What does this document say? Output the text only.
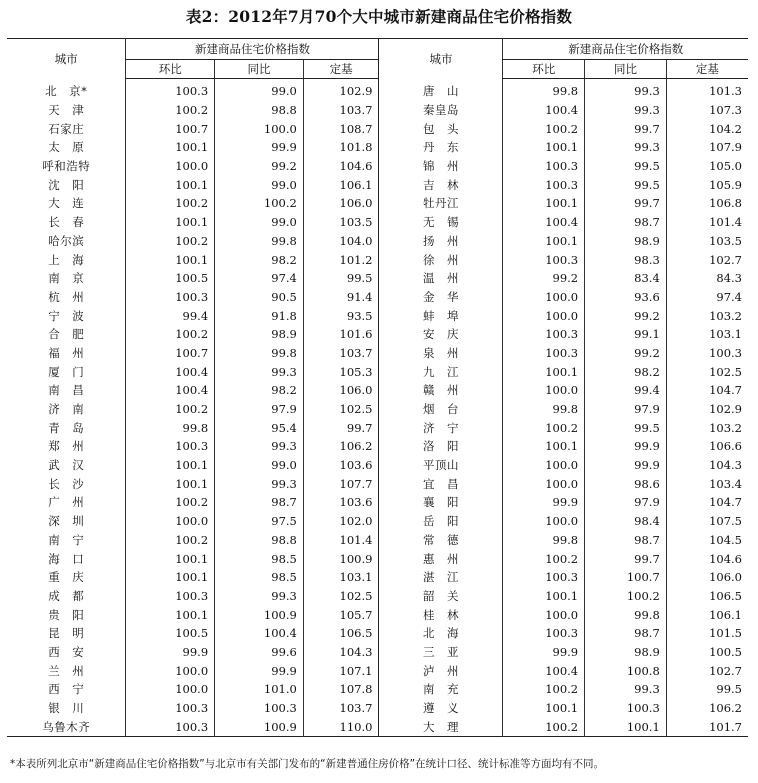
表2：2012年7月70个大中城市新建商品住宅价格指数
城市	新建商品住宅价格指数			城市	新建商品住宅价格指数		
	环比	同比	定基		环比	同比	定基
北　京*	100.3	99.0	102.9	唐　山	99.8	99.3	101.3
天　津	100.2	98.8	103.7	秦皇岛	100.4	99.3	107.3
石家庄	100.7	100.0	108.7	包　头	100.2	99.7	104.2
太　原	100.1	99.9	101.8	丹　东	100.1	99.3	107.9
呼和浩特	100.0	99.2	104.6	锦　州	100.3	99.5	105.0
沈　阳	100.1	99.0	106.1	吉　林	100.3	99.5	105.9
大　连	100.2	100.2	106.0	牡丹江	100.1	99.7	106.8
长　春	100.1	99.0	103.5	无　锡	100.4	98.7	101.4
哈尔滨	100.2	99.8	104.0	扬　州	100.1	98.9	103.5
上　海	100.1	98.2	101.2	徐　州	100.3	98.3	102.7
南　京	100.5	97.4	99.5	温　州	99.2	83.4	84.3
杭　州	100.3	90.5	91.4	金　华	100.0	93.6	97.4
宁　波	99.4	91.8	93.5	蚌　埠	100.0	99.2	103.2
合　肥	100.2	98.9	101.6	安　庆	100.3	99.1	103.1
福　州	100.7	99.8	103.7	泉　州	100.3	99.2	100.3
厦　门	100.4	99.3	105.3	九　江	100.1	98.2	102.5
南　昌	100.4	98.2	106.0	赣　州	100.0	99.4	104.7
济　南	100.2	97.9	102.5	烟　台	99.8	97.9	102.9
青　岛	99.8	95.4	99.7	济　宁	100.2	99.5	103.2
郑　州	100.3	99.3	106.2	洛　阳	100.1	99.9	106.6
武　汉	100.1	99.0	103.6	平顶山	100.0	99.9	104.3
长　沙	100.1	99.3	107.7	宜　昌	100.0	98.6	103.4
广　州	100.2	98.7	103.6	襄　阳	99.9	97.9	104.7
深　圳	100.0	97.5	102.0	岳　阳	100.0	98.4	107.5
南　宁	100.2	98.8	101.4	常　德	99.8	98.7	104.5
海　口	100.1	98.5	100.9	惠　州	100.2	99.7	104.6
重　庆	100.1	98.5	103.1	湛　江	100.3	100.7	106.0
成　都	100.3	99.3	102.5	韶　关	100.1	100.2	106.5
贵　阳	100.1	100.9	105.7	桂　林	100.0	99.8	106.1
昆　明	100.5	100.4	106.5	北　海	100.3	98.7	101.5
西　安	99.9	99.6	104.3	三　亚	99.9	98.9	100.5
兰　州	100.0	99.9	107.1	泸　州	100.4	100.8	102.7
西　宁	100.0	101.0	107.8	南　充	100.2	99.3	99.5
银　川	100.3	100.3	103.7	遵　义	100.1	100.3	106.2
乌鲁木齐	100.3	100.9	110.0	大　理	100.2	100.1	101.7
*本表所列北京市“新建商品住宅价格指数”与北京市有关部门发布的“新建普通住房价格”在统计口径、统计标准等方面均有不同。
